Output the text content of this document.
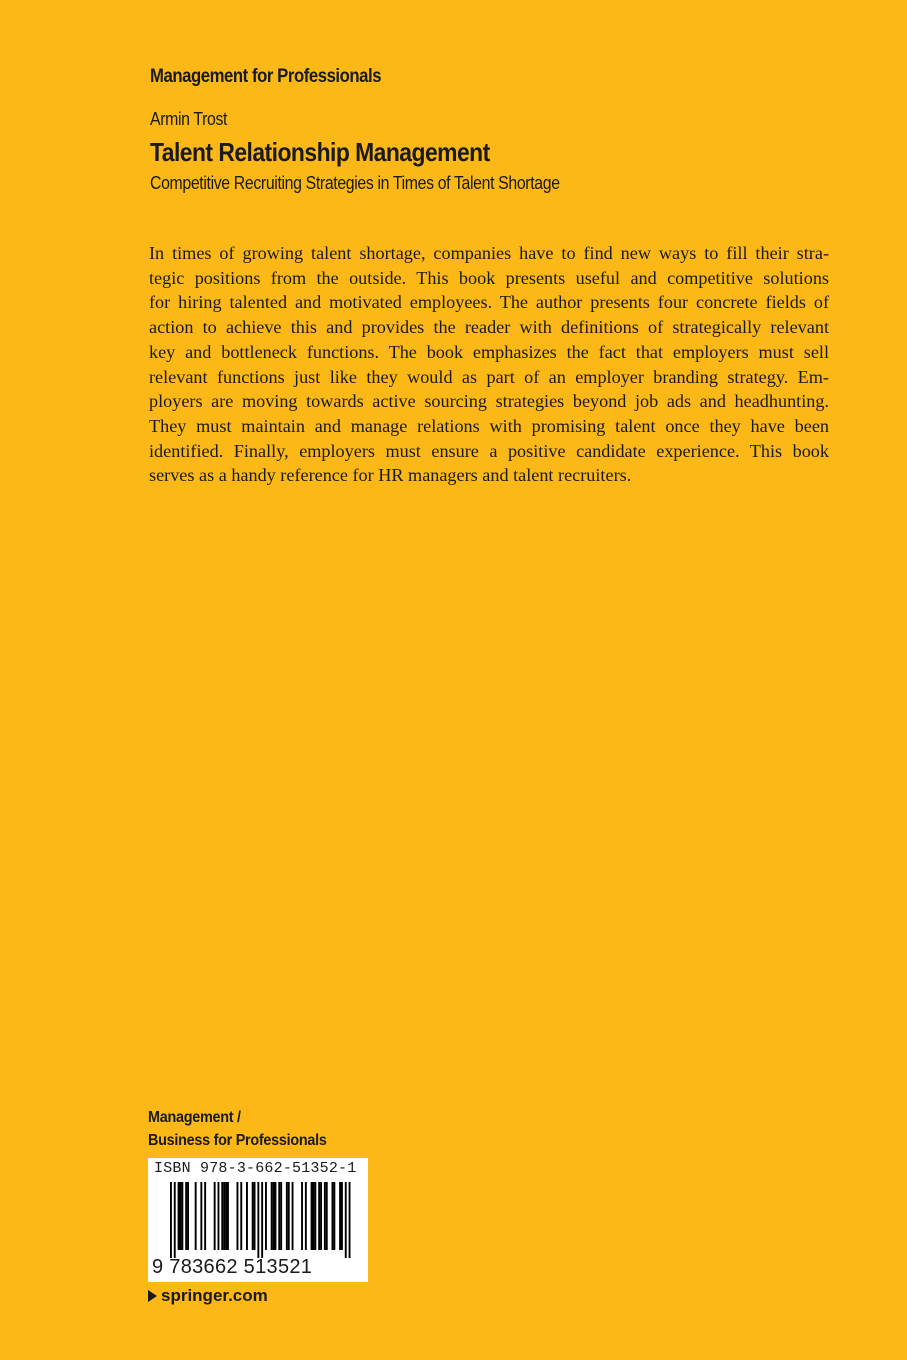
Management for Professionals
Armin Trost
Talent Relationship Management
Competitive Recruiting Strategies in Times of Talent Shortage
In times of growing talent shortage, companies have to find new ways to fill their stra-
tegic positions from the outside. This book presents useful and competitive solutions
for hiring talented and motivated employees. The author presents four concrete fields of
action to achieve this and provides the reader with definitions of strategically relevant
key and bottleneck functions. The book emphasizes the fact that employers must sell
relevant functions just like they would as part of an employer branding strategy. Em-
ployers are moving towards active sourcing strategies beyond job ads and headhunting.
They must maintain and manage relations with promising talent once they have been
identified. Finally, employers must ensure a positive candidate experience. This book
serves as a handy reference for HR managers and talent recruiters.
Management /
Business for Professionals
ISBN 978-3-662-51352-1
9 783662 513521
springer.com
